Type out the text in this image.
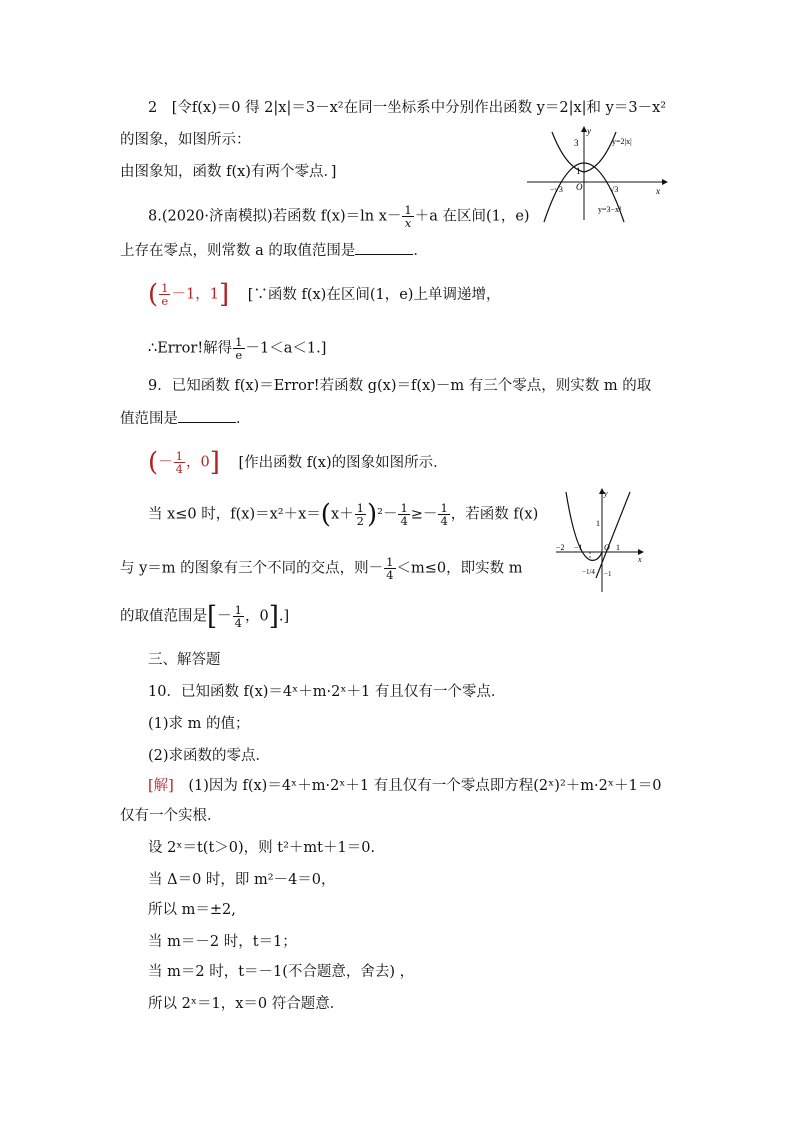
2　[令f(x)＝0 得 2|x|＝3－x²在同一坐标系中分别作出函数 y＝2|x|和 y＝3－x²
的图象，如图所示：
由图象知，函数 f(x)有两个零点．]
y
x
O
y=2|x|
y=3−x²
3
1
−√3	√3
8.(2020·济南模拟)若函数 f(x)＝ln $x- \frac{1}{x} +a$ 在区间(1，e)
上存在零点，则常数 a 的取值范围是	．
( $\frac{1}{e} -1$，1] [∵函数 f(x)在区间(1，e)上单调递增，
∴Error!解得 $\frac{1}{e} -1<a<1$.]
9．已知函数 f(x)＝Error!若函数 g(x)＝f(x)－m 有三个零点，则实数 m 的取
值范围是	．
(－ $\frac{1}{4}$ ，0] [作出函数 f(x)的图象如图所示．
当 x≤0 时，$f(x)=x^2+x=(x+ \frac{1}{2} )^2- \frac{1}{4} \ge- \frac{1}{4}$ ，若函数 f(x)
与 y＝m 的图象有三个不同的交点，则－ $\frac{1}{4} <m\le 0$，即实数 m
的取值范围是[－ $\frac{1}{4}$ ，0].]
y
x
O
1
−2 −1	1
−1/4 −1
三、解答题
10．已知函数 f(x)＝4ˣ＋m·2ˣ＋1 有且仅有一个零点．
(1)求 m 的值；
(2)求函数的零点．
[解]　 (1)因为 f(x)＝4ˣ＋m·2ˣ＋1 有且仅有一个零点即方程(2ˣ)²＋m·2ˣ＋1＝0
仅有一个实根．
设 2ˣ＝t(t＞0)，则 t²＋mt＋1＝0.
当 Δ＝0 时，即 m²－4＝0，
所以 m＝±2,
当 m＝－2 时，t＝1；
当 m＝2 时，t＝－1(不合题意，舍去) ，
所以 2ˣ＝1，x＝0 符合题意．
